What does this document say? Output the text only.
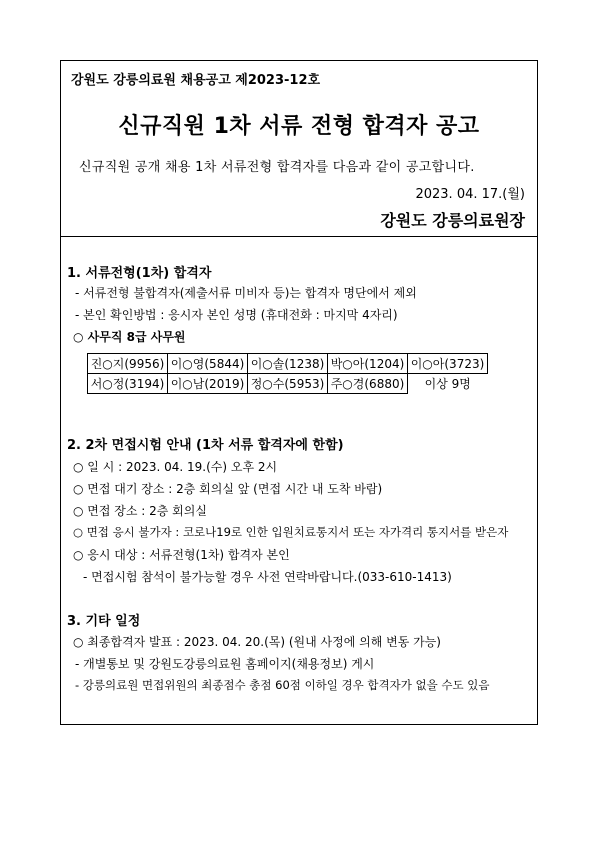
강원도 강릉의료원 채용공고 제2023-12호
신규직원 1차 서류 전형 합격자 공고
신규직원 공개 채용 1차 서류전형 합격자를 다음과 같이 공고합니다.
2023. 04. 17.(월)
강원도 강릉의료원장
1. 서류전형(1차) 합격자
- 서류전형 불합격자(제출서류 미비자 등)는 합격자 명단에서 제외
- 본인 확인방법 : 응시자 본인 성명 (휴대전화 : 마지막 4자리)
○ 사무직 8급 사무원
진○지(9956)	이○영(5844)	이○솔(1238)	박○아(1204)	이○아(3723)
서○정(3194)	이○남(2019)	정○수(5953)	주○경(6880)	이상 9명
2. 2차 면접시험 안내 (1차 서류 합격자에 한함)
○ 일 시 : 2023. 04. 19.(수) 오후 2시
○ 면접 대기 장소 : 2층 회의실 앞 (면접 시간 내 도착 바람)
○ 면접 장소 : 2층 회의실
○ 면접 응시 불가자 : 코로나19로 인한 입원치료통지서 또는 자가격리 통지서를 받은자
○ 응시 대상 : 서류전형(1차) 합격자 본인
- 면접시험 참석이 불가능할 경우 사전 연락바랍니다.(033-610-1413)
3. 기타 일정
○ 최종합격자 발표 : 2023. 04. 20.(목) (원내 사정에 의해 변동 가능)
- 개별통보 및 강원도강릉의료원 홈페이지(채용정보) 게시
- 강릉의료원 면접위원의 최종점수 총점 60점 이하일 경우 합격자가 없을 수도 있음
